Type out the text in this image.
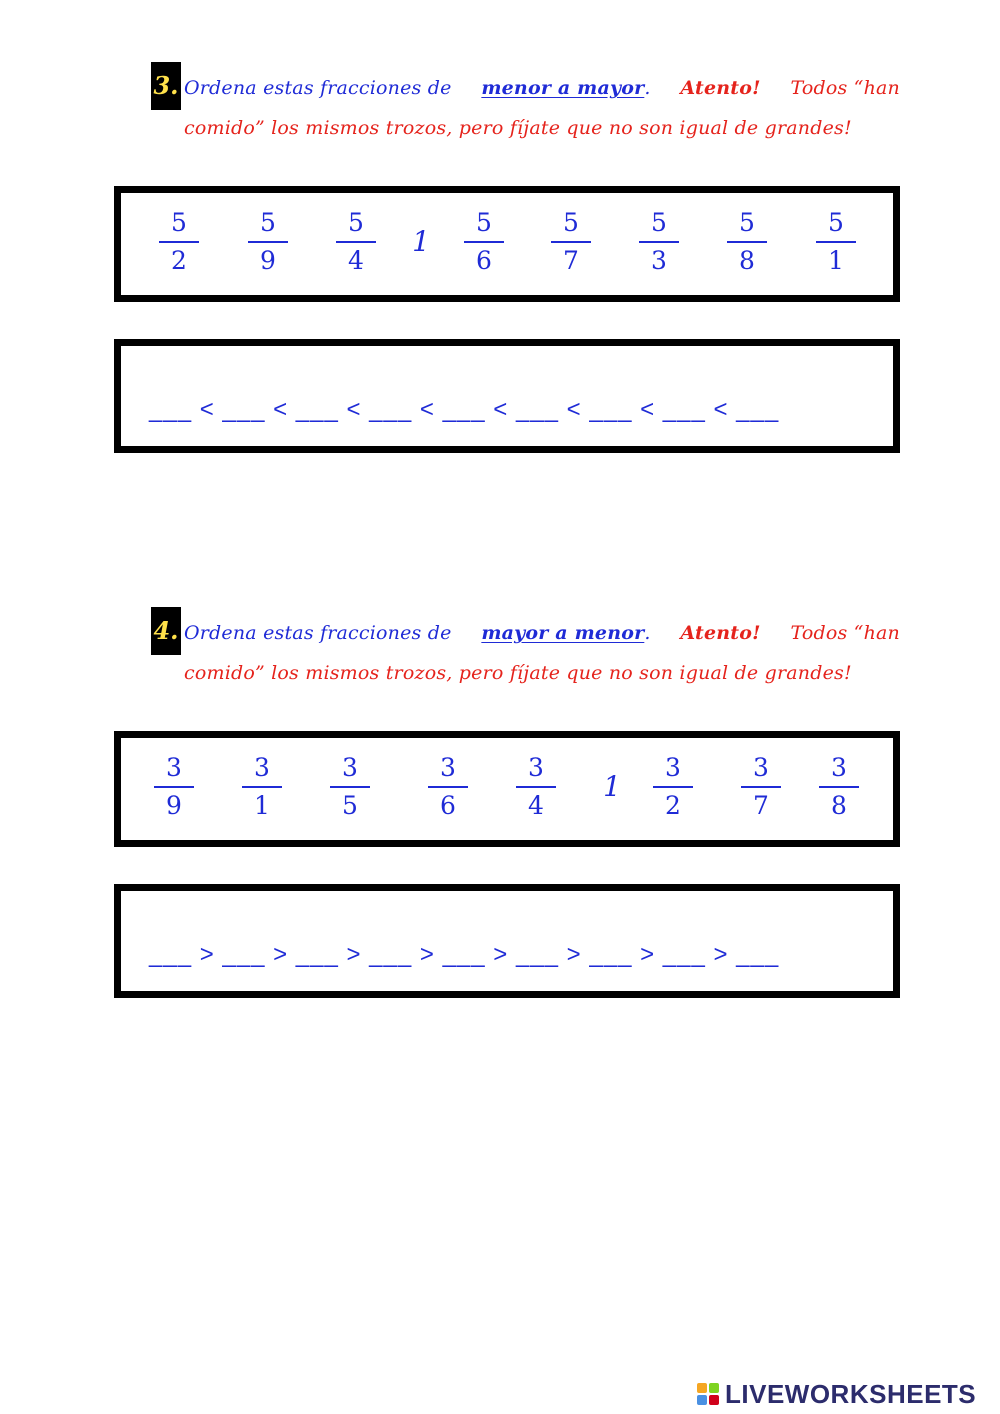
3. Ordena estas fracciones de menor a mayor. Atento! Todos “han
comido” los mismos trozos, pero fíjate que no son igual de grandes!
5
2
5
9
5
4
1
5
6
5
7
5
3
5
8
5
1
___ < ___ < ___ < ___ < ___ < ___ < ___ < ___ < ___
4. Ordena estas fracciones de mayor a menor. Atento! Todos “han
comido” los mismos trozos, pero fíjate que no son igual de grandes!
3
9
3
1
3
5
3
6
3
4
1
3
2
3
7
3
8
___ > ___ > ___ > ___ > ___ > ___ > ___ > ___ > ___
LIVEWORKSHEETS
